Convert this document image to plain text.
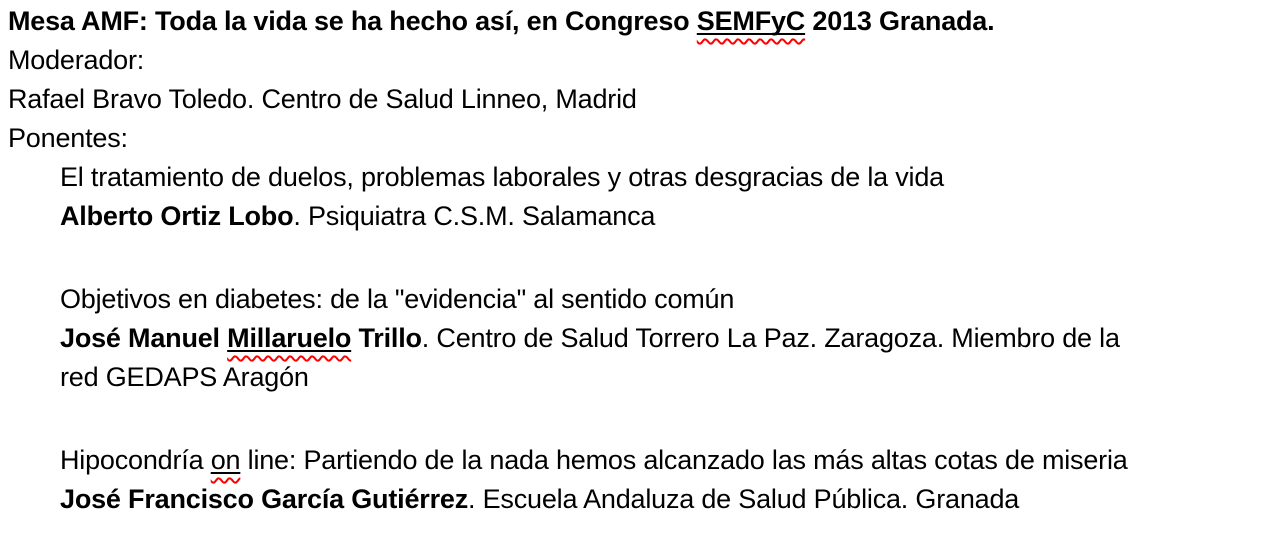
Mesa AMF: Toda la vida se ha hecho así, en Congreso SEMFyC 2013 Granada.
Moderador:
Rafael Bravo Toledo. Centro de Salud Linneo, Madrid
Ponentes:
El tratamiento de duelos, problemas laborales y otras desgracias de la vida
Alberto Ortiz Lobo. Psiquiatra C.S.M. Salamanca
Objetivos en diabetes: de la "evidencia" al sentido común
José Manuel Millaruelo Trillo. Centro de Salud Torrero La Paz. Zaragoza. Miembro de la
red GEDAPS Aragón
Hipocondría on line: Partiendo de la nada hemos alcanzado las más altas cotas de miseria
José Francisco García Gutiérrez. Escuela Andaluza de Salud Pública. Granada
